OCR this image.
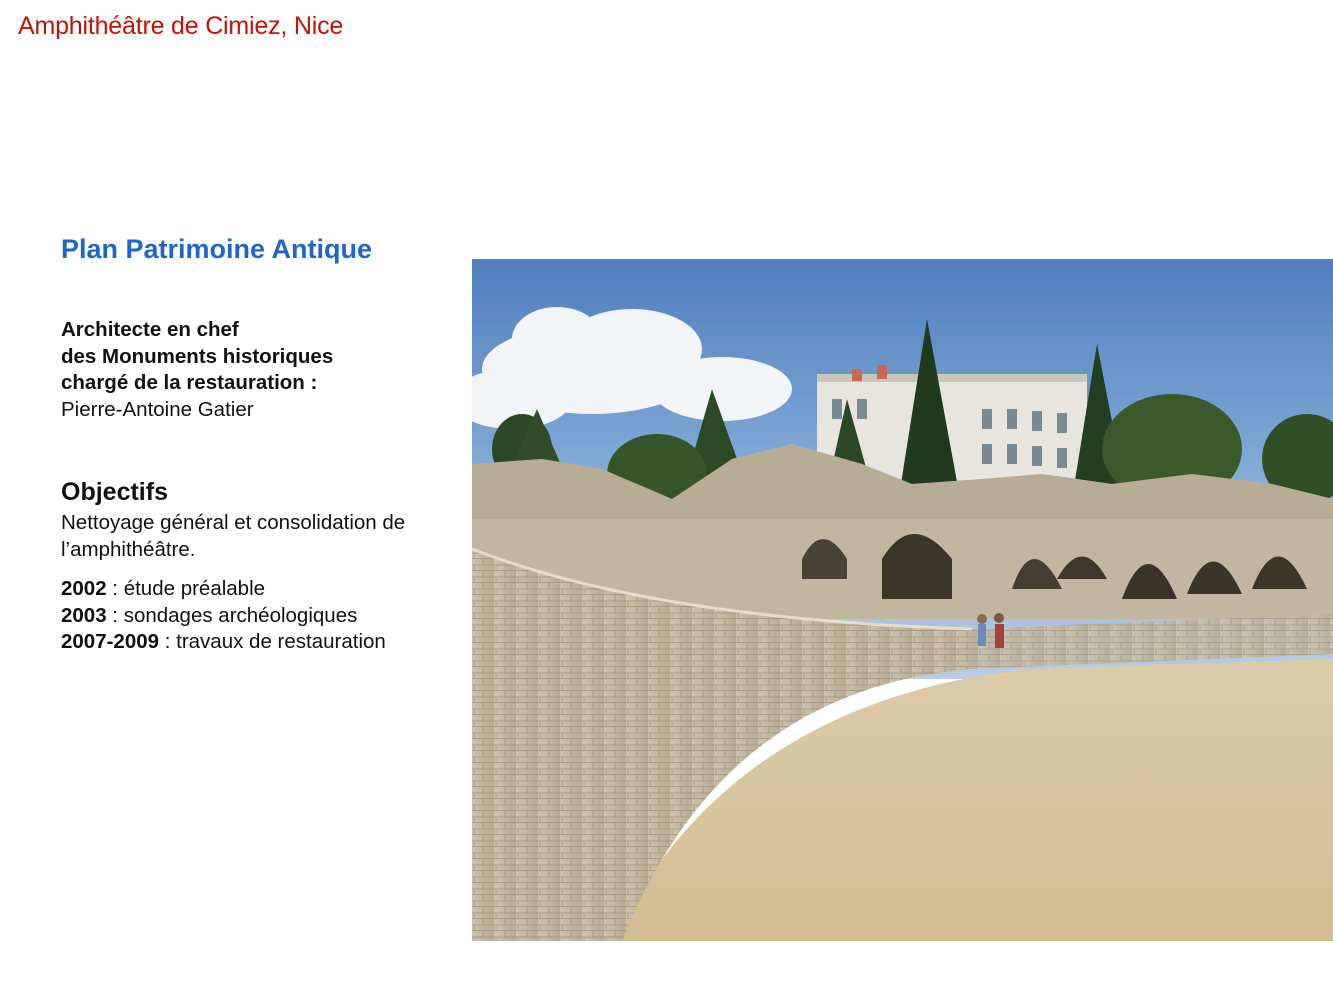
Amphithéâtre de Cimiez, Nice
Plan Patrimoine Antique
Architecte en chef
des Monuments historiques
chargé de la restauration :
Pierre-Antoine Gatier
Objectifs
Nettoyage général et consolidation de l’amphithéâtre.
2002 : étude préalable
2003 : sondages archéologiques
2007-2009 : travaux de restauration
